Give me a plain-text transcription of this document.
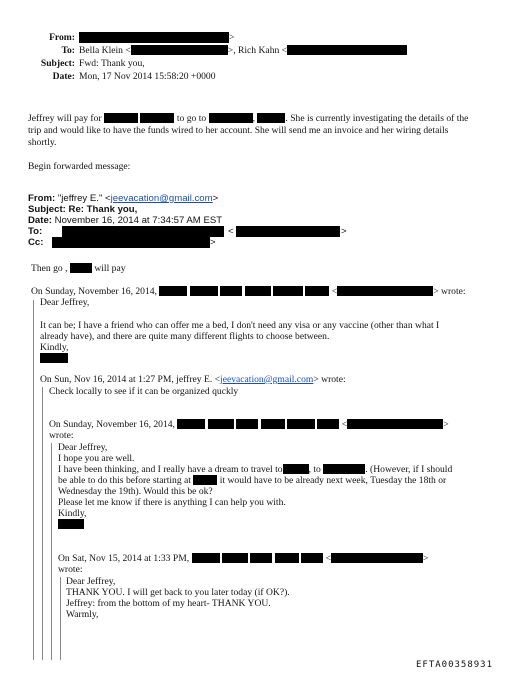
From:	>
To: Bella Klein <	>, Rich Kahn <
Subject: Fwd: Thank you,
Date: Mon, 17 Nov 2014 15:58:20 +0000
Jeffrey will pay for	to go to	,	. She is currently investigating the details of the
trip and would like to have the funds wired to her account. She will send me an invoice and her wiring details
shortly.
Begin forwarded message:
From: "jeffrey E." <jeevacation@gmail.com>
Subject: Re: Thank you,
Date: November 16, 2014 at 7:34:57 AM EST
To:	<	>
Cc:	>
Then go ,	will pay
On Sunday, November 16, 2014,	<	> wrote:
Dear Jeffrey,
It can be; I have a friend who can offer me a bed, I don't need any visa or any vaccine (other than what I
already have), and there are quite many different flights to choose between.
Kindly,
On Sun, Nov 16, 2014 at 1:27 PM, jeffrey E. <jeevacation@gmail.com> wrote:
Check locally to see if it can be organized quckly
On Sunday, November 16, 2014,	<	>
wrote:
Dear Jeffrey,
I hope you are well.
I have been thinking, and I really have a dream to travel to	, to	. (However, if I should
be able to do this before starting at	it would have to be already next week, Tuesday the 18th or
Wednesday the 19th). Would this be ok?
Please let me know if there is anything I can help you with.
Kindly,
On Sat, Nov 15, 2014 at 1:33 PM,	<	>
wrote:
Dear Jeffrey,
THANK YOU. I will get back to you later today (if OK?).
Jeffrey: from the bottom of my heart- THANK YOU.
Warmly,
EFTA00358931
